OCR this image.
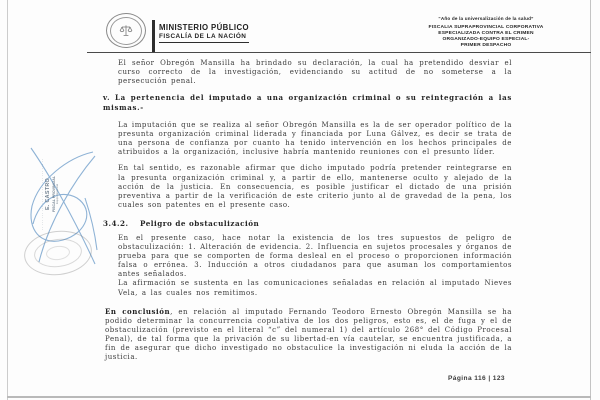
MINISTERIO PÚBLICO
FISCALÍA DE LA NACIÓN
“Año de la universalización de la salud”
FISCALIA SUPRAPROVINCIAL CORPORATIVA
ESPECIALIZADA CONTRA EL CRIMEN
ORGANIZADO-EQUIPO ESPECIAL-
PRIMER DESPACHO

El señor Obregón Mansilla ha brindado su declaración, la cual ha pretendido desviar el curso correcto de la investigación, evidenciando su actitud de no someterse a la persecución penal.

v. La pertenencia del imputado a una organización criminal o su reintegración a las mismas.-

La imputación que se realiza al señor Obregón Mansilla es la de ser operador político de la presunta organización criminal liderada y financiada por Luna Gálvez, es decir se trata de una persona de confianza por cuanto ha tenido intervención en los hechos principales de atribuidos a la organización, inclusive habría mantenido reuniones con el presunto líder.

En tal sentido, es razonable afirmar que dicho imputado podría pretender reintegrarse en la presunta organización criminal y, a partir de ello, mantenerse oculto y alejado de la acción de la justicia. En consecuencia, es posible justificar el dictado de una prisión preventiva a partir de la verificación de este criterio junto al de gravedad de la pena, los cuales son patentes en el presente caso.

3.4.2. Peligro de obstaculización

En el presente caso, hace notar la existencia de los tres supuestos de peligro de obstaculización: 1. Alteración de evidencia. 2. Influencia en sujetos procesales y órganos de prueba para que se comporten de forma desleal en el proceso o proporcionen información falsa o errónea. 3. Inducción a otros ciudadanos para que asuman los comportamientos antes señalados.

La afirmación se sustenta en las comunicaciones señaladas en relación al imputado Nieves Vela, a las cuales nos remitimos.

En conclusión, en relación al imputado Fernando Teodoro Ernesto Obregón Mansilla se ha podido determinar la concurrencia copulativa de los dos peligros, esto es, el de fuga y el de obstaculización (previsto en el literal “c” del numeral 1) del artículo 268° del Código Procesal Penal), de tal forma que la privación de su libertad-en vía cautelar, se encuentra justificada, a fin de asegurar que dicho investigado no obstaculice la investigación ni eluda la acción de la justicia.

Página 116 | 123
······························· E. CASTRO FISCAL PROVINCIAL Equipo Especial
